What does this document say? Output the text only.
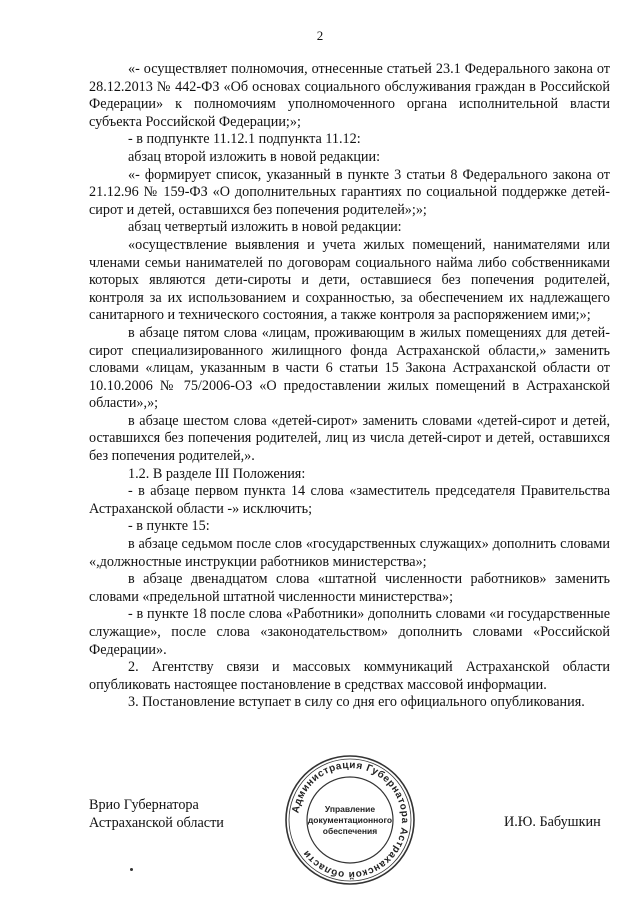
2

«- осуществляет полномочия, отнесенные статьей 23.1 Федерального закона от 28.12.2013 № 442-ФЗ «Об основах социального обслуживания граждан в Российской Федерации» к полномочиям уполномоченного органа исполнительной власти субъекта Российской Федерации;»;

- в подпункте 11.12.1 подпункта 11.12:

абзац второй изложить в новой редакции:

«- формирует список, указанный в пункте 3 статьи 8 Федерального закона от 21.12.96 № 159-ФЗ «О дополнительных гарантиях по социальной поддержке детей-сирот и детей, оставшихся без попечения родителей»;»;

абзац четвертый изложить в новой редакции:

«осуществление выявления и учета жилых помещений, нанимателями или членами семьи нанимателей по договорам социального найма либо собственниками которых являются дети-сироты и дети, оставшиеся без попечения родителей, контроля за их использованием и сохранностью, за обеспечением их надлежащего санитарного и технического состояния, а также контроля за распоряжением ими;»;

в абзаце пятом слова «лицам, проживающим в жилых помещениях для детей-сирот специализированного жилищного фонда Астраханской области,» заменить словами «лицам, указанным в части 6 статьи 15 Закона Астраханской области от 10.10.2006 № 75/2006-ОЗ «О предоставлении жилых помещений в Астраханской области»,»;

в абзаце шестом слова «детей-сирот» заменить словами «детей-сирот и детей, оставшихся без попечения родителей, лиц из числа детей-сирот и детей, оставшихся без попечения родителей,».

1.2. В разделе III Положения:

- в абзаце первом пункта 14 слова «заместитель председателя Правительства Астраханской области -» исключить;

- в пункте 15:

в абзаце седьмом после слов «государственных служащих» дополнить словами «,должностные инструкции работников министерства»;

в абзаце двенадцатом слова «штатной численности работников» заменить словами «предельной штатной численности министерства»;

- в пункте 18 после слова «Работники» дополнить словами «и государственные служащие», после слова «законодательством» дополнить словами «Российской Федерации».

2. Агентству связи и массовых коммуникаций Астраханской области опубликовать настоящее постановление в средствах массовой информации.

3. Постановление вступает в силу со дня его официального опубликования.

Врио Губернатора
Астраханской области	И.Ю. Бабушкин
Администрация Губернатора Астраханской области
Управление
документационного
обеспечения
